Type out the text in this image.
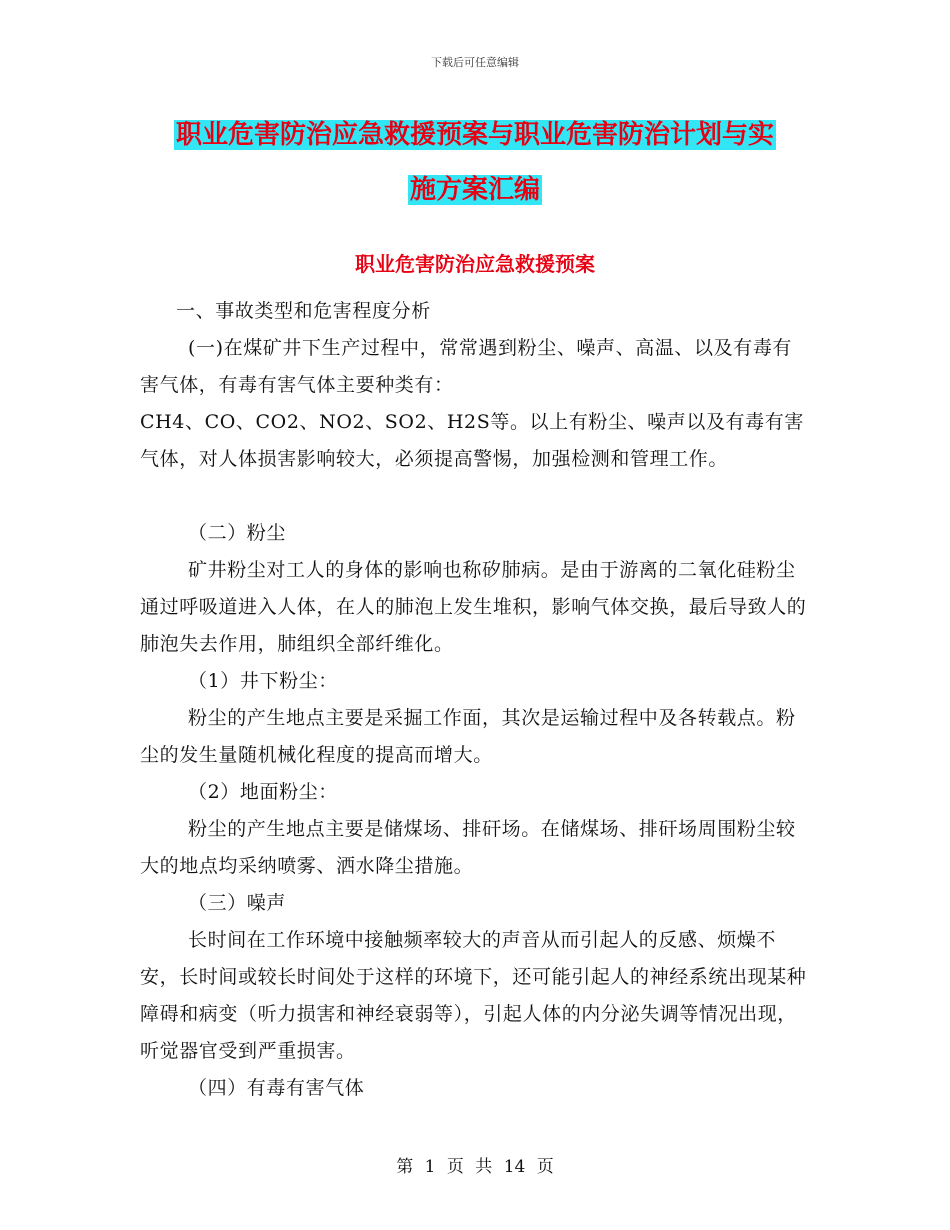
下载后可任意编辑
职业危害防治应急救援预案与职业危害防治计划与实
施方案汇编
职业危害防治应急救援预案

一、事故类型和危害程度分析

(一)在煤矿井下生产过程中，常常遇到粉尘、噪声、高温、以及有毒有害气体，有毒有害气体主要种类有：

CH4、CO、CO2、NO2、SO2、H2S等。以上有粉尘、噪声以及有毒有害气体，对人体损害影响较大，必须提高警惕，加强检测和管理工作。

（二）粉尘

矿井粉尘对工人的身体的影响也称矽肺病。是由于游离的二氧化硅粉尘通过呼吸道进入人体，在人的肺泡上发生堆积，影响气体交换，最后导致人的肺泡失去作用，肺组织全部纤维化。

（1）井下粉尘：

粉尘的产生地点主要是采掘工作面，其次是运输过程中及各转载点。粉尘的发生量随机械化程度的提高而增大。

（2）地面粉尘：

粉尘的产生地点主要是储煤场、排矸场。在储煤场、排矸场周围粉尘较大的地点均采纳喷雾、洒水降尘措施。

（三）噪声

长时间在工作环境中接触频率较大的声音从而引起人的反感、烦燥不安，长时间或较长时间处于这样的环境下，还可能引起人的神经系统出现某种障碍和病变（听力损害和神经衰弱等），引起人体的内分泌失调等情况出现，听觉器官受到严重损害。

（四）有毒有害气体

第 1 页 共 14 页
